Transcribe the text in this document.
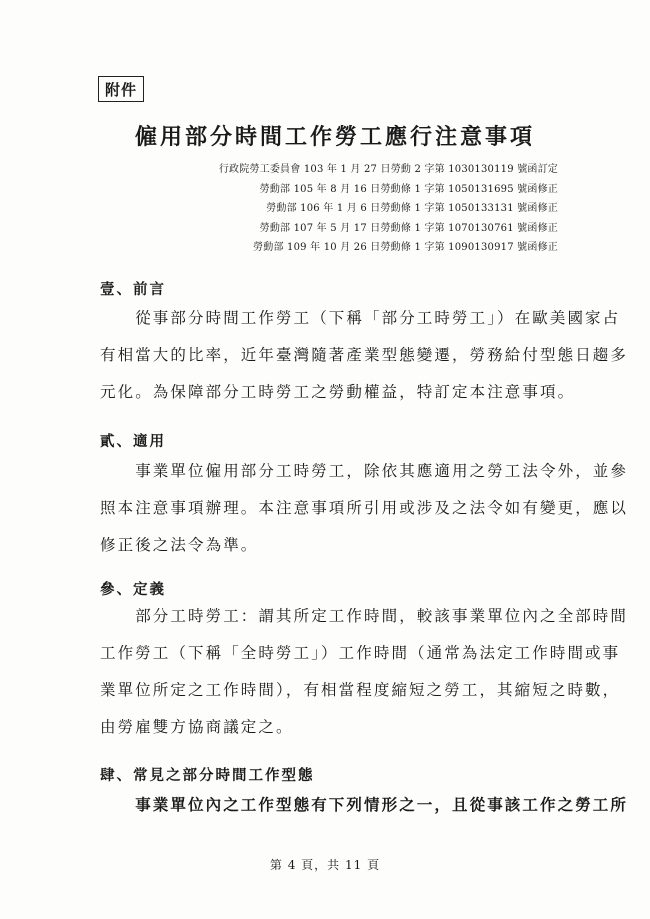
附件
僱用部分時間工作勞工應行注意事項
行政院勞工委員會 103 年 1 月 27 日勞動 2 字第 1030130119 號函訂定
勞動部 105 年 8 月 16 日勞動條 1 字第 1050131695 號函修正
勞動部 106 年 1 月 6 日勞動條 1 字第 1050133131 號函修正
勞動部 107 年 5 月 17 日勞動條 1 字第 1070130761 號函修正
勞動部 109 年 10 月 26 日勞動條 1 字第 1090130917 號函修正
壹、前言
　　從事部分時間工作勞工（下稱「部分工時勞工」）在歐美國家占
有相當大的比率，近年臺灣隨著產業型態變遷，勞務給付型態日趨多
元化。為保障部分工時勞工之勞動權益，特訂定本注意事項。
貳、適用
　　事業單位僱用部分工時勞工，除依其應適用之勞工法令外，並參
照本注意事項辦理。本注意事項所引用或涉及之法令如有變更，應以
修正後之法令為準。
參、定義
　　部分工時勞工：謂其所定工作時間，較該事業單位內之全部時間
工作勞工（下稱「全時勞工」）工作時間（通常為法定工作時間或事
業單位所定之工作時間），有相當程度縮短之勞工，其縮短之時數，
由勞雇雙方協商議定之。
肆、常見之部分時間工作型態
　　事業單位內之工作型態有下列情形之一，且從事該工作之勞工所
第 4 頁，共 11 頁
